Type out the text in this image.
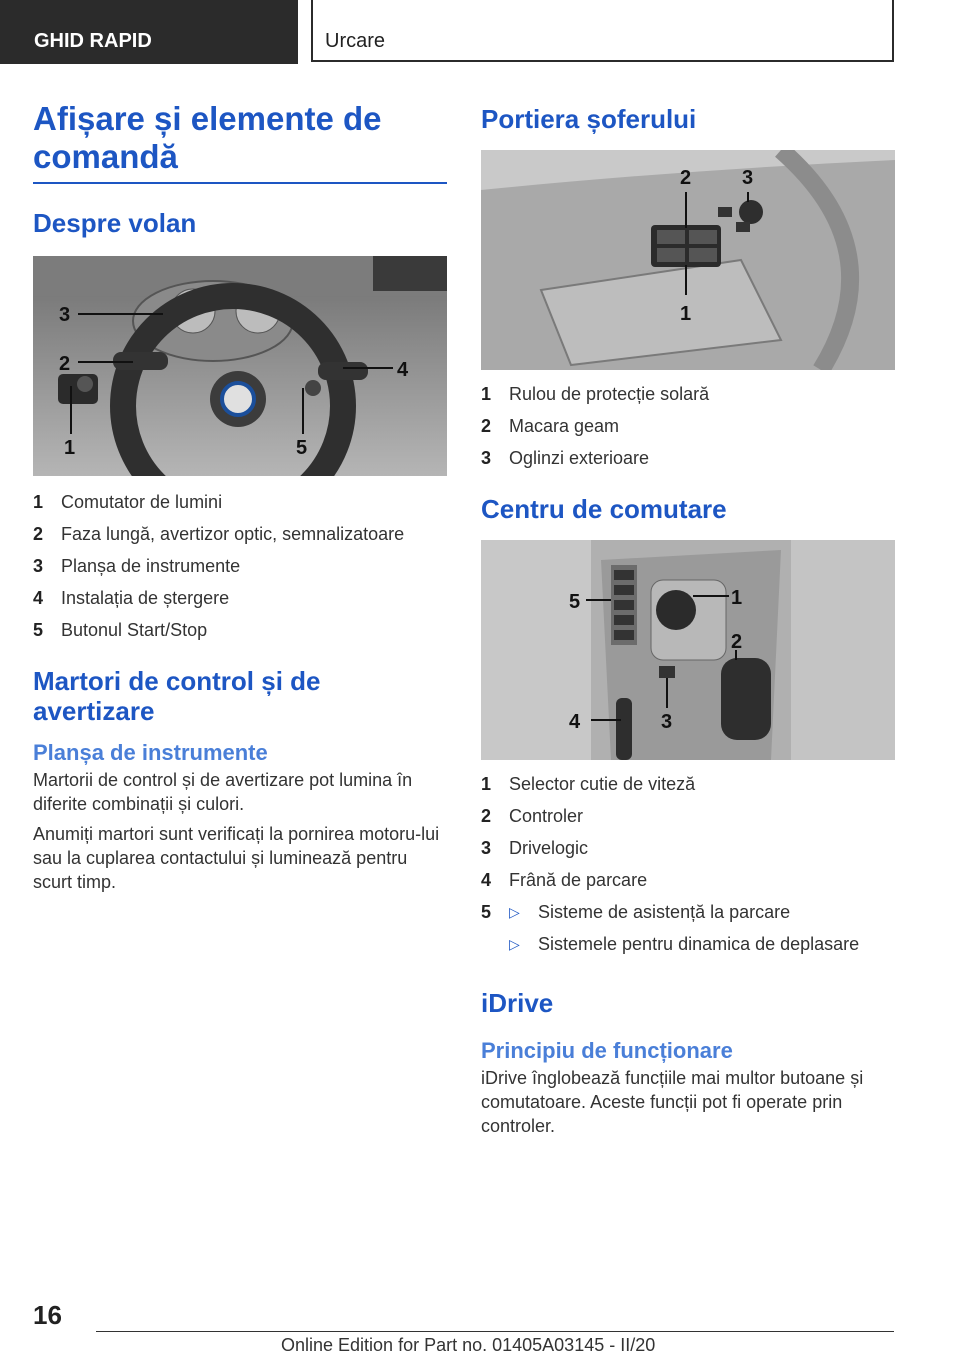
GHID RAPID	Urcare
Afișare și elemente de comandă
Despre volan
3
2
1
4
5
1 Comutator de lumini
2 Faza lungă, avertizor optic, semnalizatoare
3 Planșa de instrumente
4 Instalația de ștergere
5 Butonul Start/Stop
Martori de control și de avertizare
Planșa de instrumente

Martorii de control și de avertizare pot lumina în diferite combinații și culori.

Anumiți martori sunt verificați la pornirea motoru-lui sau la cuplarea contactului și luminează pentru scurt timp.

Portiera șoferului
2	3
1
1 Rulou de protecție solară
2 Macara geam
3 Oglinzi exterioare
Centru de comutare
1
2
3
4
5
1 Selector cutie de viteză
2 Controler
3 Drivelogic
4 Frână de parcare
5 ▷ Sisteme de asistență la parcare
▷ Sistemele pentru dinamica de deplasare
iDrive
Principiu de funcționare

iDrive înglobează funcțiile mai multor butoane și comutatoare. Aceste funcții pot fi operate prin controler.

16
Online Edition for Part no. 01405A03145 - II/20
